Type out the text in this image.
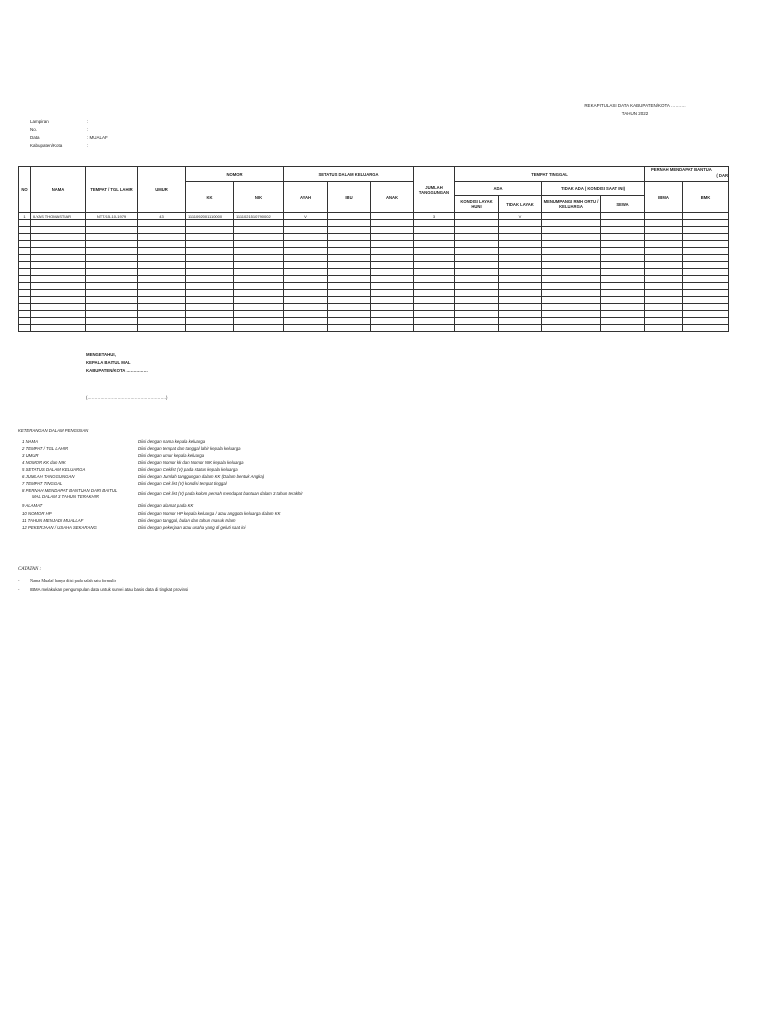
REKAPITULASI DATA KABUPATEN/KOTA ……….
TAHUN 2022
Lampiran	:
No.	:
Data	: MUALAF
Kabupaten/Kota	:
NO	NAMA	TEMPAT / TGL LAHIR	UMUR	NOMOR		SETATUS DALAM KELUARGA			JUMLAH TANGGUNGAN	TEMPAT TINGGAL				PERNAH MENDAPAT BANTUA
( DAR	

				KK	NIK	AYAH	IBU	ANAK		ADA		TIDAK ADA ( KONDISI SAAT INI)		IBMA	BMK
										KONDISI LAYAK HUNI	TIDAK LAYAK	MENUMPANGI RMH ORTU / KELUARGA	SEWA		
1	ILYAS THOMASTIAR	NTT/15-10-1979	43	1111092001110000	1111021510790002	V			3		V				

MENGETAHUI,
KEPALA BAITUL MAL
KABUPATEN/KOTA ……………
(……………………………………………….)
KETERANGAN DALAM PENGISIAN
1 NAMA	Diisi dengan nama kepala keluarga
2 TEMPAT / TGL LAHIR	Diisi dengan tempat dan tanggal lahir kepala keluarga
3 UMUR	Diisi dengan umur kepala keluarga
4 NOMOR KK dan NIK	Diisi dengan Nomor kk dan Nomor NIK kepala keluarga
5 SETATUS DALAM KELUARGA	Diisi dengan Ceklist (V) pada status kepala keluarga
6 JUMLAH TANGGUNGAN	Diisi dengan Jumlah tanggungan dalam KK (Dalam bentuk Angka)
7 TEMPAT TINGGAL	Diisi dengan Cek list (V) kondisi tempat tinggal
8 PERNAH MENDAPAT BANTUAN DARI BAITUL
MAL DALAM 3 TAHUN TERAKHIR
Diisi dengan Cek list (V) pada kolom pernah mendapat bantuan dalam 3 tahun terakhir
9 ALAMAT	Diisi dengan alamat pada KK
10 NOMOR HP	Diisi dengan Nomor HP kepala keluarga / atau anggota keluarga dalam KK
11 TAHUN MENJADI MUALLAF	Diisi dengan tanggal, bulan dan tahun masuk Islam
12 PEKERJAAN / USAHA SEKARANG	Diisi dengan pekerjaan atau usaha yang di geluti saat ini
CATATAN :
- Nama Mualaf hanya diisi pada salah satu formulir
- IBMA melakukan pengumpulan data untuk survei atau basis data di tingkat provinsi
